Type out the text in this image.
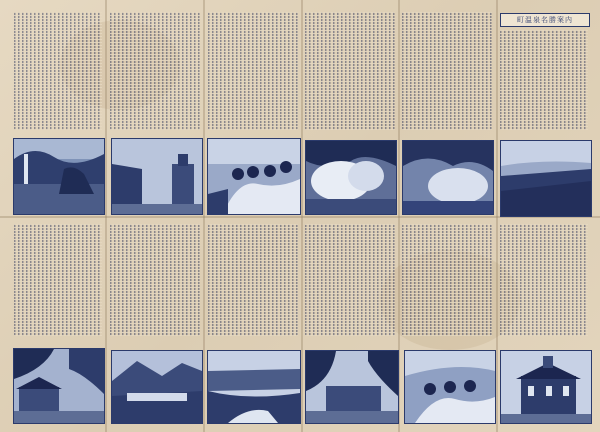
町温泉名勝案内
